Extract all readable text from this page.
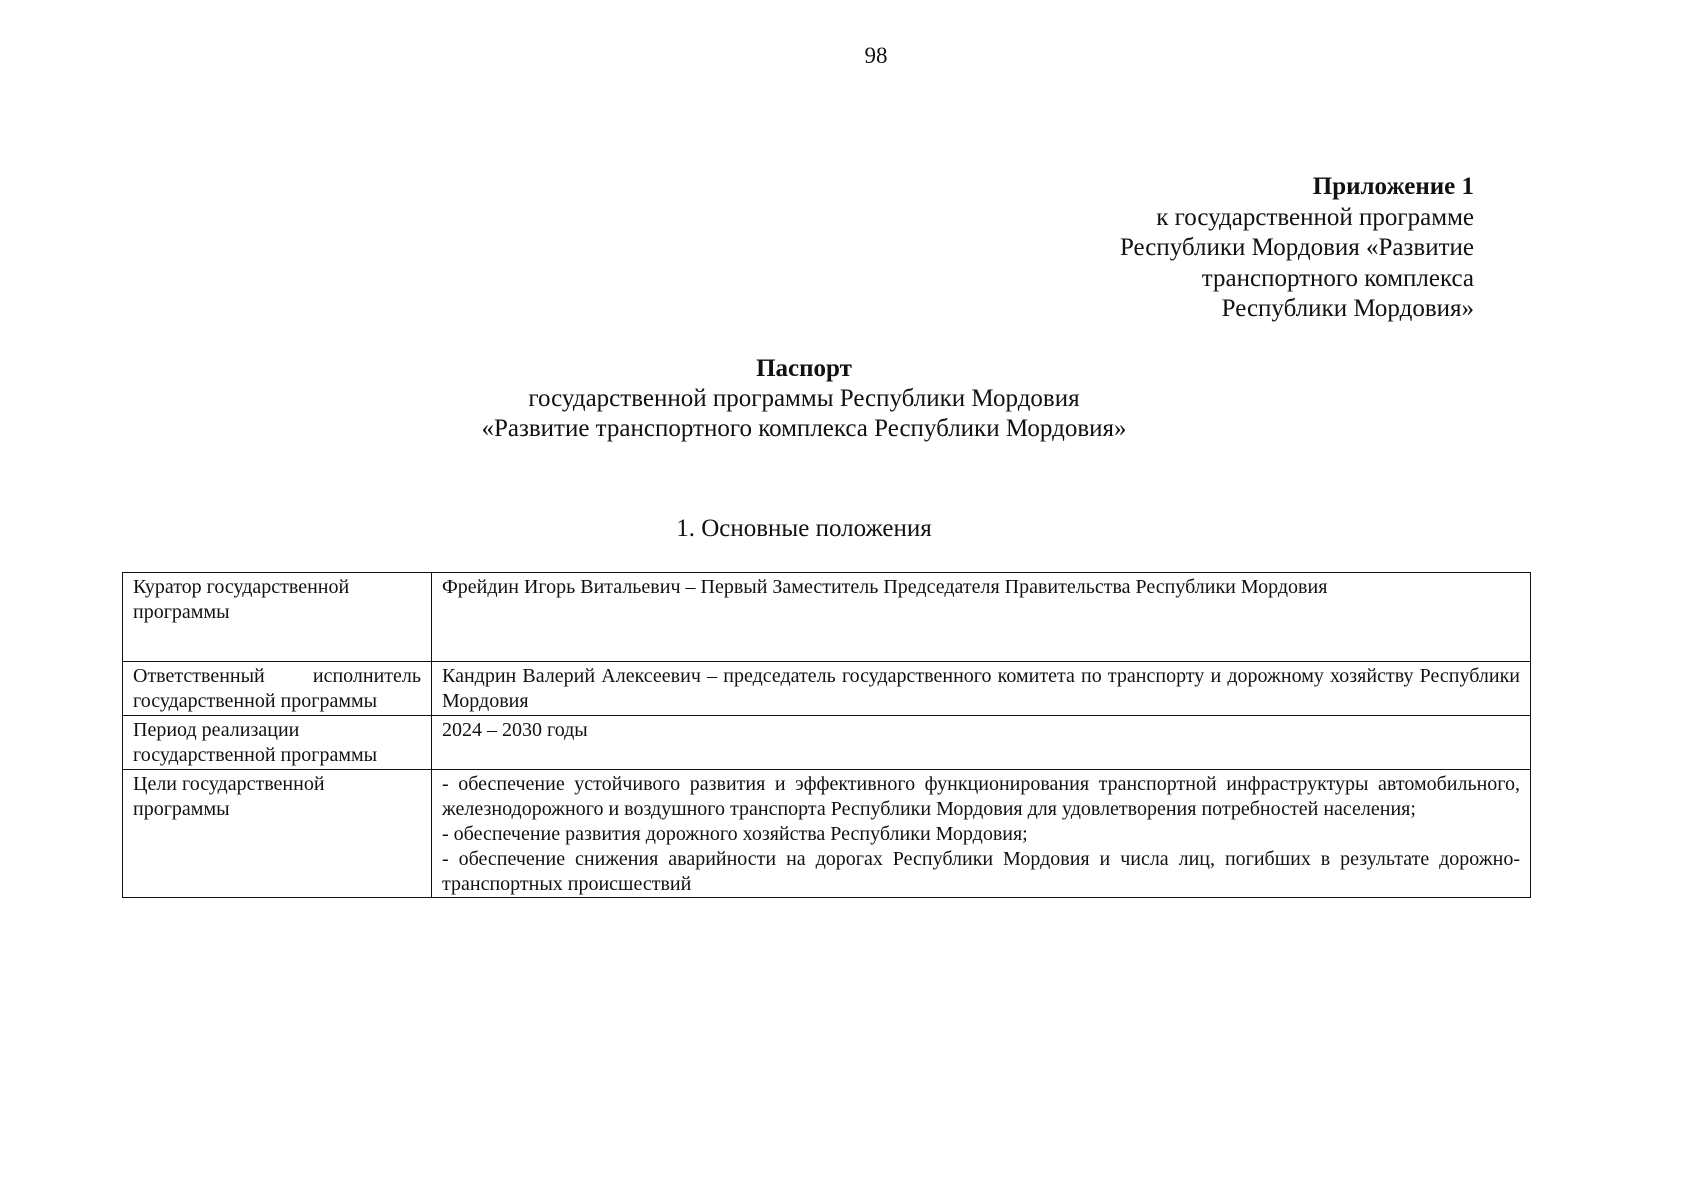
98
Приложение 1
к государственной программе
Республики Мордовия «Развитие
транспортного комплекса
Республики Мордовия»
Паспорт
государственной программы Республики Мордовия
«Развитие транспортного комплекса Республики Мордовия»
1. Основные положения
Куратор государственной программы	Фрейдин Игорь Витальевич – Первый Заместитель Председателя Правительства Республики Мордовия
Ответственный исполнитель государственной программы	Кандрин Валерий Алексеевич – председатель государственного комитета по транспорту и дорожному хозяйству Республики Мордовия
Период реализации государственной программы	2024 – 2030 годы
Цели государственной программы	- обеспечение устойчивого развития и эффективного функционирования транспортной инфраструктуры автомобильного, железнодорожного и воздушного транспорта Республики Мордовия для удовлетворения потребностей населения;
- обеспечение развития дорожного хозяйства Республики Мордовия;
- обеспечение снижения аварийности на дорогах Республики Мордовия и числа лиц, погибших в результате дорожно-транспортных происшествий
